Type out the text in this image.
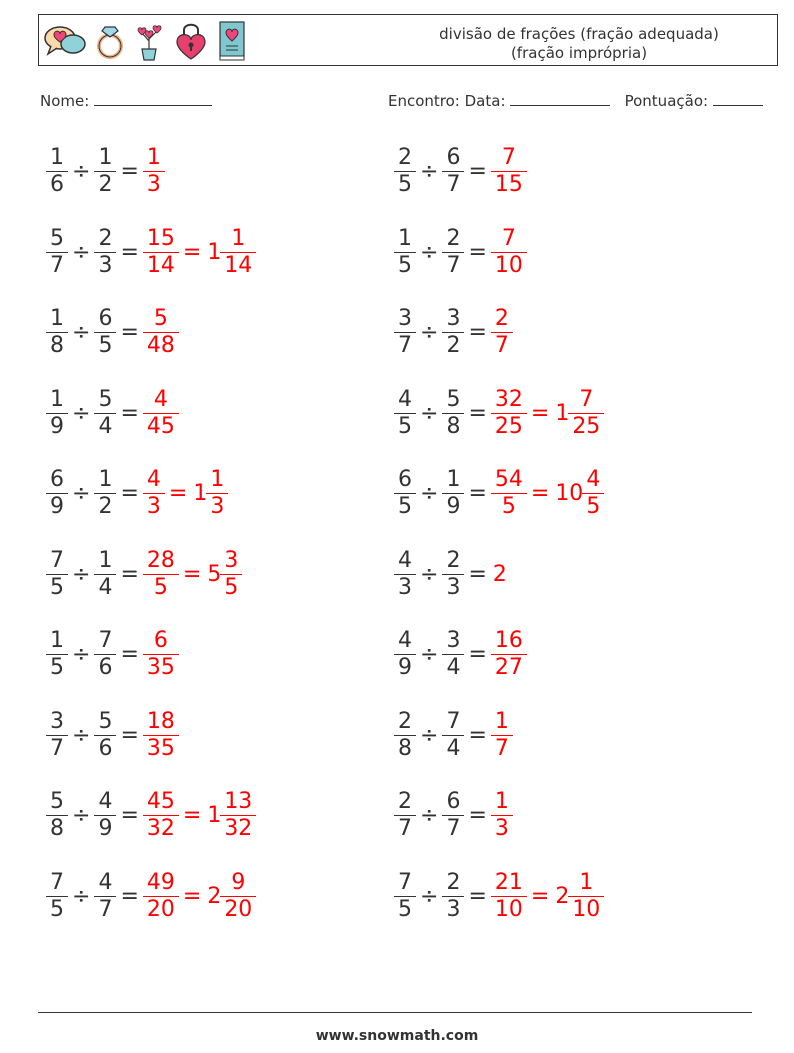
divisão de frações (fração adequada)
(fração imprópria)
Nome:	Encontro: Data:	Pontuação:
$\frac{1}{6} \div \frac{1}{2} = \frac{1}{3}$	$\frac{2}{5} \div \frac{6}{7} = \frac{7}{15}$
$\frac{5}{7} \div \frac{2}{3} = \frac{15}{14} = 1 \frac{1}{14}$	$\frac{1}{5} \div \frac{2}{7} = \frac{7}{10}$
$\frac{1}{8} \div \frac{6}{5} = \frac{5}{48}$	$\frac{3}{7} \div \frac{3}{2} = \frac{2}{7}$
$\frac{1}{9} \div \frac{5}{4} = \frac{4}{45}$	$\frac{4}{5} \div \frac{5}{8} = \frac{32}{25} = 1 \frac{7}{25}$
$\frac{6}{9} \div \frac{1}{2} = \frac{4}{3} = 1 \frac{1}{3}$	$\frac{6}{5} \div \frac{1}{9} = \frac{54}{5} = 10 \frac{4}{5}$
$\frac{7}{5} \div \frac{1}{4} = \frac{28}{5} = 5 \frac{3}{5}$	$\frac{4}{3} \div \frac{2}{3} = 2$
$\frac{1}{5} \div \frac{7}{6} = \frac{6}{35}$	$\frac{4}{9} \div \frac{3}{4} = \frac{16}{27}$
$\frac{3}{7} \div \frac{5}{6} = \frac{18}{35}$	$\frac{2}{8} \div \frac{7}{4} = \frac{1}{7}$
$\frac{5}{8} \div \frac{4}{9} = \frac{45}{32} = 1 \frac{13}{32}$	$\frac{2}{7} \div \frac{6}{7} = \frac{1}{3}$
$\frac{7}{5} \div \frac{4}{7} = \frac{49}{20} = 2 \frac{9}{20}$	$\frac{7}{5} \div \frac{2}{3} = \frac{21}{10} = 2 \frac{1}{10}$
www.snowmath.com
